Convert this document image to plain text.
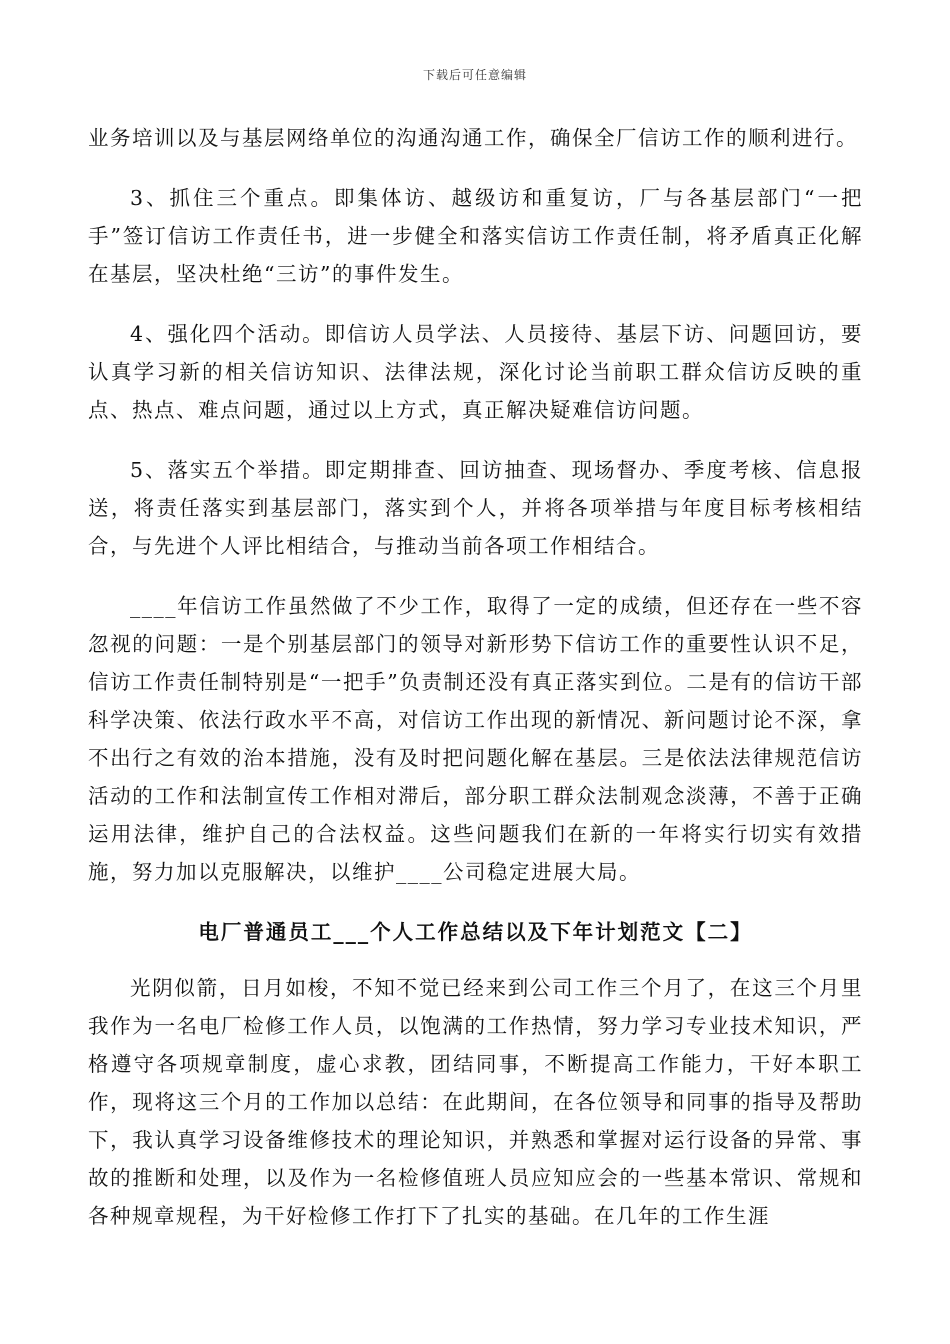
下载后可任意编辑

业务培训以及与基层网络单位的沟通沟通工作，确保全厂信访工作的顺利进行。

3、抓住三个重点。即集体访、越级访和重复访，厂与各基层部门“一把手”签订信访工作责任书，进一步健全和落实信访工作责任制，将矛盾真正化解在基层，坚决杜绝“三访”的事件发生。

4、强化四个活动。即信访人员学法、人员接待、基层下访、问题回访，要认真学习新的相关信访知识、法律法规，深化讨论当前职工群众信访反映的重点、热点、难点问题，通过以上方式，真正解决疑难信访问题。

5、落实五个举措。即定期排查、回访抽查、现场督办、季度考核、信息报送，将责任落实到基层部门，落实到个人，并将各项举措与年度目标考核相结合，与先进个人评比相结合，与推动当前各项工作相结合。

____年信访工作虽然做了不少工作，取得了一定的成绩，但还存在一些不容忽视的问题：一是个别基层部门的领导对新形势下信访工作的重要性认识不足，信访工作责任制特别是“一把手”负责制还没有真正落实到位。二是有的信访干部科学决策、依法行政水平不高，对信访工作出现的新情况、新问题讨论不深，拿不出行之有效的治本措施，没有及时把问题化解在基层。三是依法法律规范信访活动的工作和法制宣传工作相对滞后，部分职工群众法制观念淡薄，不善于正确运用法律，维护自己的合法权益。这些问题我们在新的一年将实行切实有效措施，努力加以克服解决，以维护____公司稳定进展大局。

电厂普通员工___个人工作总结以及下年计划范文【二】

光阴似箭，日月如梭，不知不觉已经来到公司工作三个月了，在这三个月里我作为一名电厂检修工作人员，以饱满的工作热情，努力学习专业技术知识，严格遵守各项规章制度，虚心求教，团结同事，不断提高工作能力，干好本职工作，现将这三个月的工作加以总结：在此期间，在各位领导和同事的指导及帮助下，我认真学习设备维修技术的理论知识，并熟悉和掌握对运行设备的异常、事故的推断和处理，以及作为一名检修值班人员应知应会的一些基本常识、常规和各种规章规程，为干好检修工作打下了扎实的基础。在几年的工作生涯
